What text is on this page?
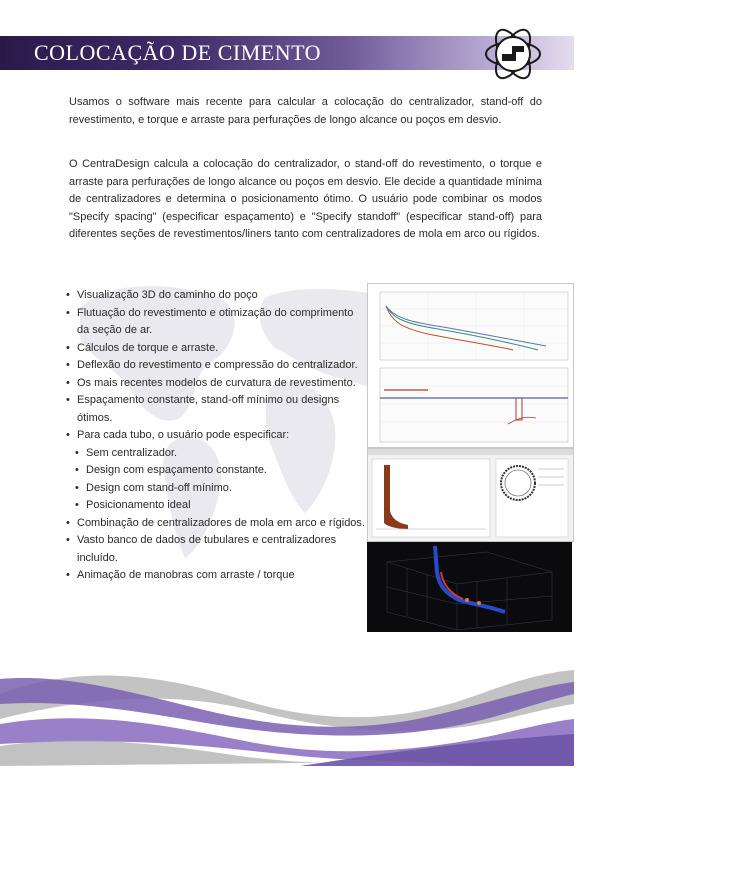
COLOCAÇÃO DE CIMENTO

Usamos o software mais recente para calcular a colocação do centralizador, stand-off do revestimento, e torque e arraste para perfurações de longo alcance ou poços em desvio.

O CentraDesign calcula a colocação do centralizador, o stand-off do revestimento, o torque e arraste para perfurações de longo alcance ou poços em desvio. Ele decide a quantidade mínima de centralizadores e determina o posicionamento ótimo. O usuário pode combinar os modos "Specify spacing" (especificar espaçamento) e "Specify standoff" (especificar stand-off) para diferentes seções de revestimentos/liners tanto com centralizadores de mola em arco ou rígidos.

• Visualização 3D do caminho do poço
• Flutuação do revestimento e otimização do comprimento da seção de ar.
• Cálculos de torque e arraste.
• Deflexão do revestimento e compressão do centralizador.
• Os mais recentes modelos de curvatura de revestimento.
• Espaçamento constante, stand-off mínimo ou designs ótimos.
• Para cada tubo, o usuário pode especificar:
• Sem centralizador.
• Design com espaçamento constante.
• Design com stand-off mínimo.
• Posicionamento ideal
• Combinação de centralizadores de mola em arco e rígidos.
• Vasto banco de dados de tubulares e centralizadores incluído.
• Animação de manobras com arraste / torque
